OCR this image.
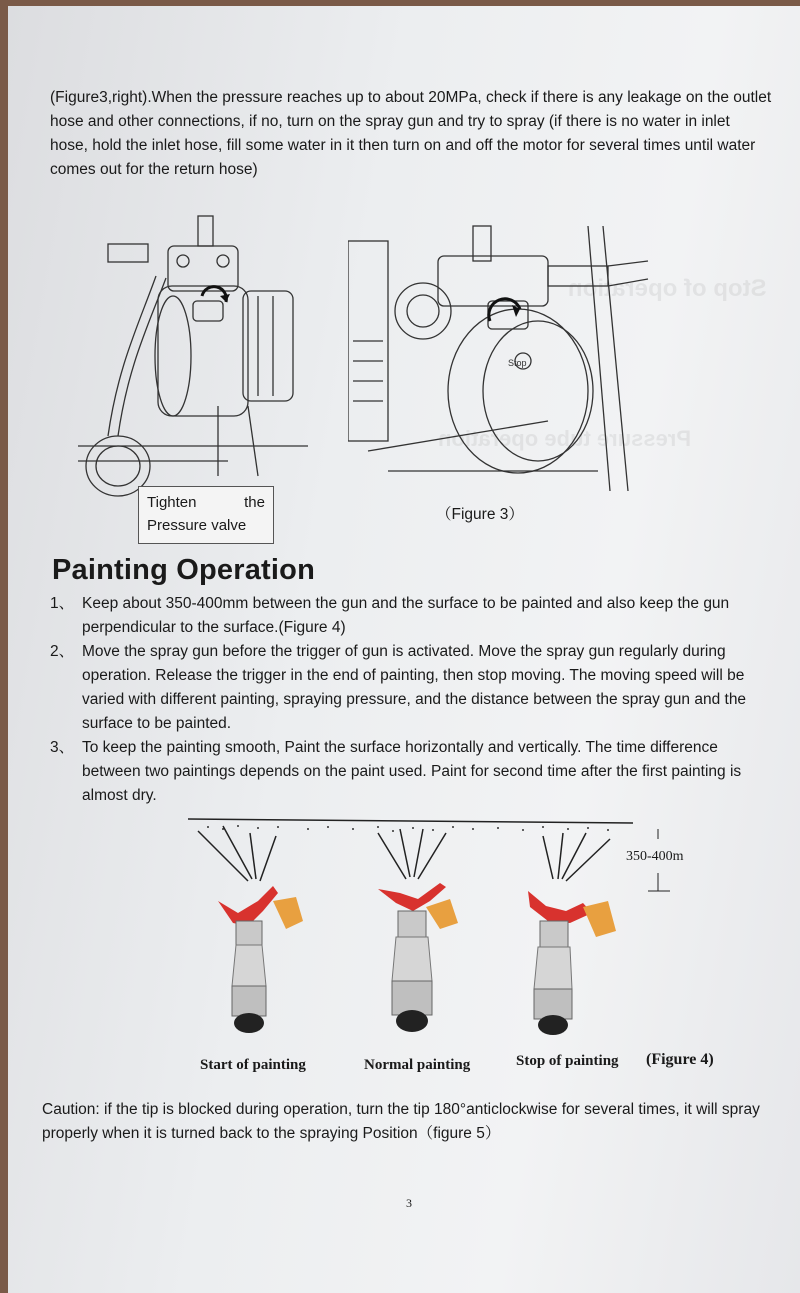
Stop of operation
Pressure tube operation

(Figure3,right).When the pressure reaches up to about 20MPa, check if there is any leakage on the outlet hose and other connections, if no, turn on the spray gun and try to spray (if there is no water in inlet hose, hold the inlet hose, fill some water in it then turn on and off the motor for several times until water comes out for the return hose)

Tighten	the
Pressure valve
Stop
（Figure 3）
Painting Operation
1、 Keep about 350-400mm between the gun and the surface to be painted and also keep the gun perpendicular to the surface.(Figure 4)
2、 Move the spray gun before the trigger of gun is activated. Move the spray gun regularly during operation. Release the trigger in the end of painting, then stop moving. The moving speed will be varied with different painting, spraying pressure, and the distance between the spray gun and the surface to be painted.
3、 To keep the painting smooth, Paint the surface horizontally and vertically. The time difference between two paintings depends on the paint used. Paint for second time after the first painting is almost dry.
350-400m
Start of painting	Normal painting	Stop of painting (Figure 4)

Caution: if the tip is blocked during operation, turn the tip 180°anticlockwise for several times, it will spray properly when it is turned back to the spraying Position（figure 5）

3
